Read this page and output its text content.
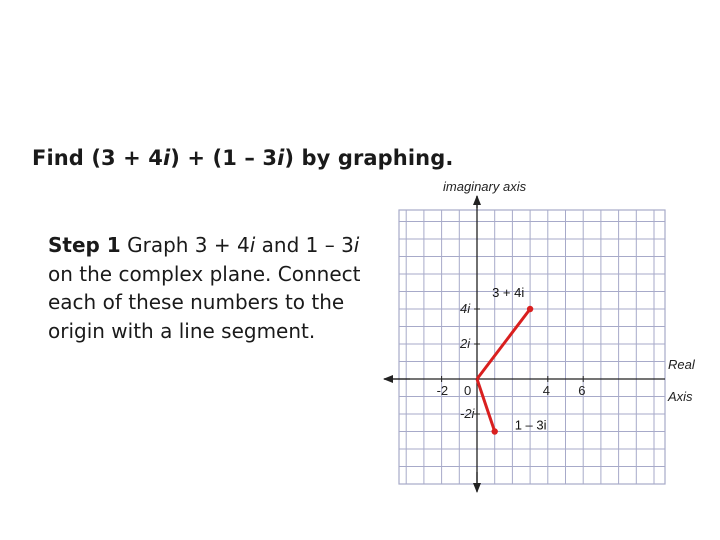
Find (3 + 4i) + (1 – 3i) by graphing.

Step 1 Graph 3 + 4i and 1 – 3i on the complex plane. Connect each of these numbers to the origin with a line segment.

-2 0	4 6
4i
2i
-2i
3 + 4i
1 – 3i
imaginary axis
Real
Axis
